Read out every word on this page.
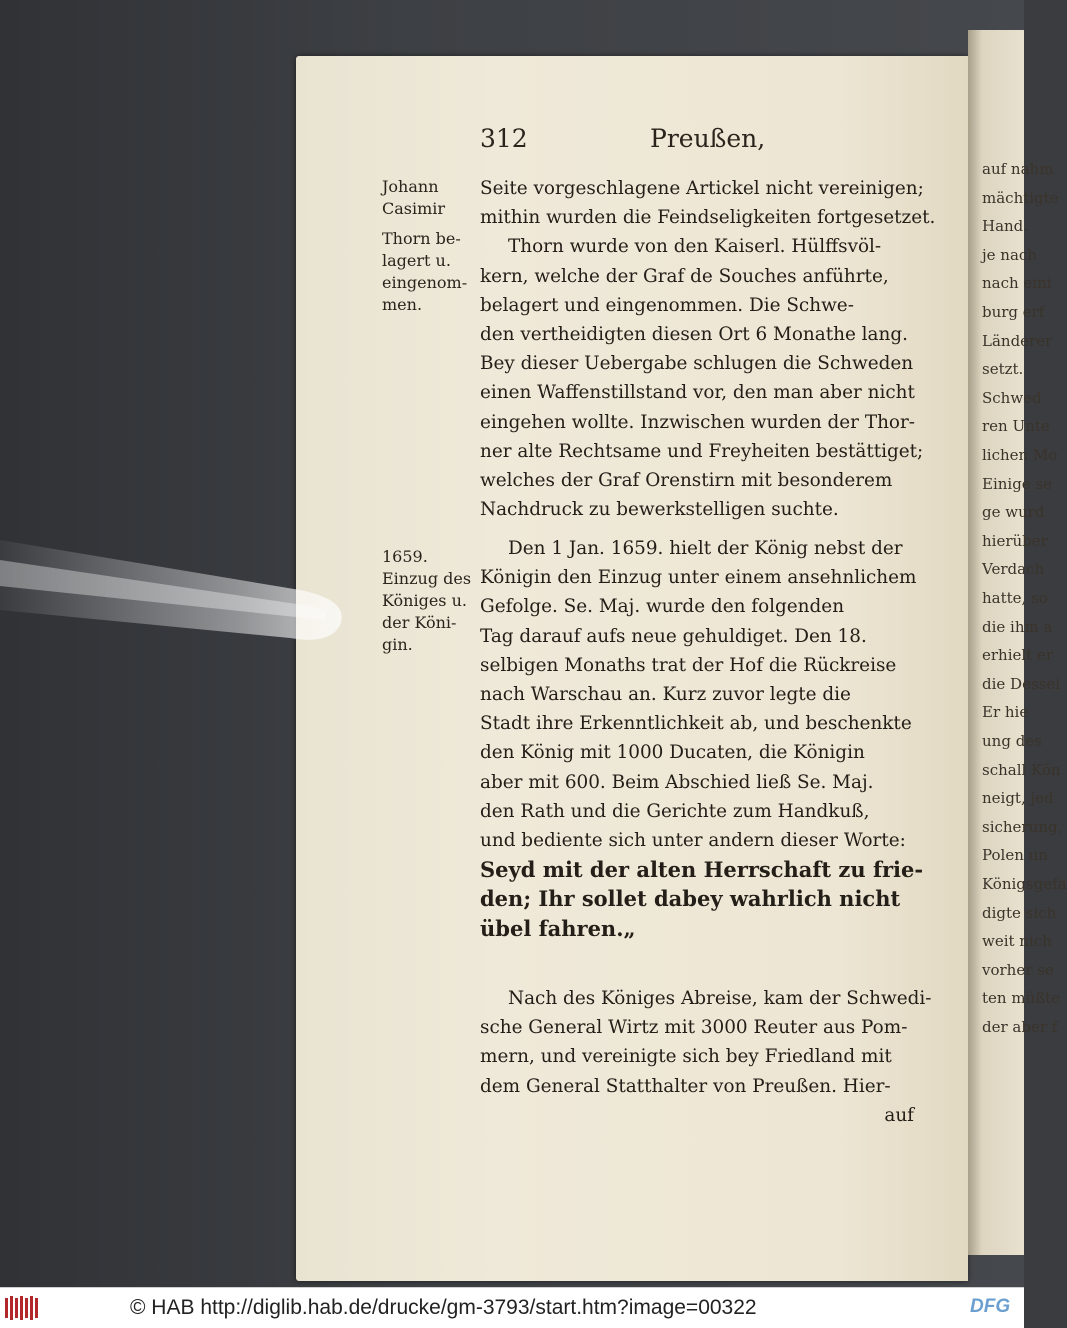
auf nahm
mächtigte
Hand.
je nach
nach eini
burg erf
Länderer
setzt.
Schwed
ren Unte
lichen Mo
Einige se
ge wurd
hierüber
Verdach
hatte, so
die ihm a
erhielt er
die Dessei
Er hie
ung des
schall Kön
neigt, jed
sicherung,
Polen un
Königsgefa
digte sich
weit nich
vorher se
ten müßte
der aber f
312	Preußen,
Johann
Casimir
Thorn be-
lagert u.
eingenom-
men.
1659.
Einzug des
Königes u.
der Köni-
gin.
Seite vorgeschlagene Artickel nicht vereinigen;
mithin wurden die Feindseligkeiten fortgesetzet.
Thorn wurde von den Kaiserl. Hülffsvöl-
kern, welche der Graf de Souches anführte,
belagert und eingenommen. Die Schwe-
den vertheidigten diesen Ort 6 Monathe lang.
Bey dieser Uebergabe schlugen die Schweden
einen Waffenstillstand vor, den man aber nicht
eingehen wollte. Inzwischen wurden der Thor-
ner alte Rechtsame und Freyheiten bestättiget;
welches der Graf Orenstirn mit besonderem
Nachdruck zu bewerkstelligen suchte.
Den 1 Jan. 1659. hielt der König nebst der
Königin den Einzug unter einem ansehnlichem
Gefolge. Se. Maj. wurde den folgenden
Tag darauf aufs neue gehuldiget. Den 18.
selbigen Monaths trat der Hof die Rückreise
nach Warschau an. Kurz zuvor legte die
Stadt ihre Erkenntlichkeit ab, und beschenkte
den König mit 1000 Ducaten, die Königin
aber mit 600. Beim Abschied ließ Se. Maj.
den Rath und die Gerichte zum Handkuß,
und bediente sich unter andern dieser Worte:
Seyd mit der alten Herrschaft zu frie-
den; Ihr sollet dabey wahrlich nicht
übel fahren.„
Nach des Königes Abreise, kam der Schwedi-
sche General Wirtz mit 3000 Reuter aus Pom-
mern, und vereinigte sich bey Friedland mit
dem General Statthalter von Preußen. Hier-
auf
© HAB http://diglib.hab.de/drucke/gm-3793/start.htm?image=00322	DFG
